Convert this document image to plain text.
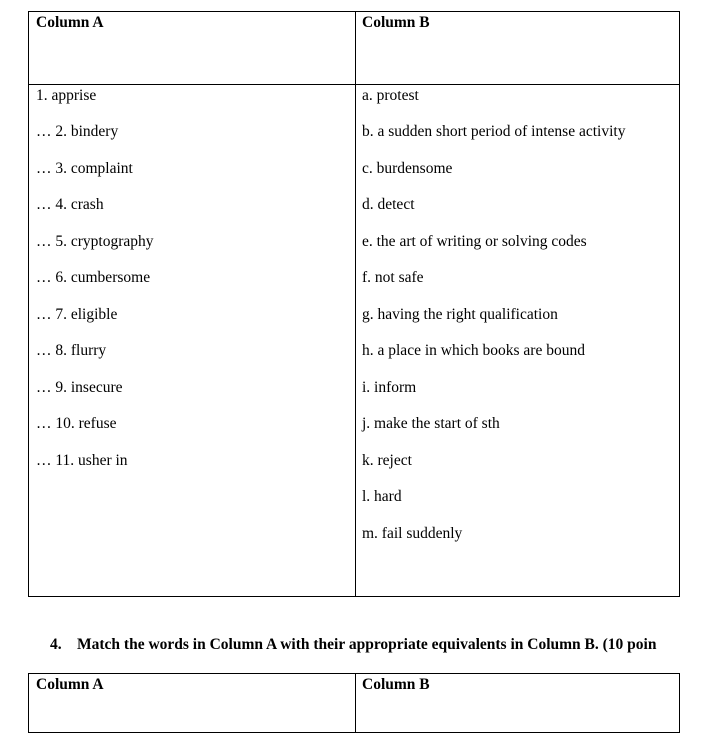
Column A	Column B
1. apprise
… 2. bindery
… 3. complaint
… 4. crash
… 5. cryptography
… 6. cumbersome
… 7. eligible
… 8. flurry
… 9. insecure
… 10. refuse
… 11. usher in
a. protest
b. a sudden short period of intense activity
c. burdensome
d. detect
e. the art of writing or solving codes
f. not safe
g. having the right qualification
h. a place in which books are bound
i. inform
j. make the start of sth
k. reject
l. hard
m. fail suddenly
4. Match the words in Column A with their appropriate equivalents in Column B. (10 poin
Column A	Column B
